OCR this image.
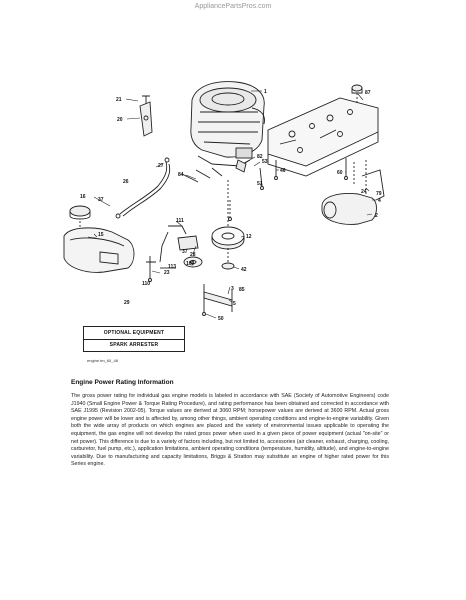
AppliancePartsPros.com
1
2
3
4
5
12
15
16
20
21
23
24
26
27
28
29
37
37
42
46
50
51
53
60
79
82
84
85
87
109
110
111
113
OPTIONAL EQUIPMENT
SPARK ARRESTER
engine.tm_60_48
Engine Power Rating Information
The gross power rating for individual gas engine models is labeled in accordance with SAE (Society of Automotive Engineers) code J1940 (Small Engine Power & Torque Rating Procedure), and rating performance has been obtained and corrected in accordance with SAE J1995 (Revision 2002-05). Torque values are derived at 3060 RPM; horsepower values are derived at 3600 RPM. Actual gross engine power will be lower and is affected by, among other things, ambient operating conditions and engine-to-engine variability. Given both the wide array of products on which engines are placed and the variety of environmental issues applicable to operating the equipment, the gas engine will not develop the rated gross power when used in a given piece of power equipment (actual "on-site" or net power). This difference is due to a variety of factors including, but not limited to, accessories (air cleaner, exhaust, charging, cooling, carburetor, fuel pump, etc.), application limitations, ambient operating conditions (temperature, humidity, altitude), and engine-to-engine variability. Due to manufacturing and capacity limitations, Briggs & Stratton may substitute an engine of higher rated power for this Series engine.
